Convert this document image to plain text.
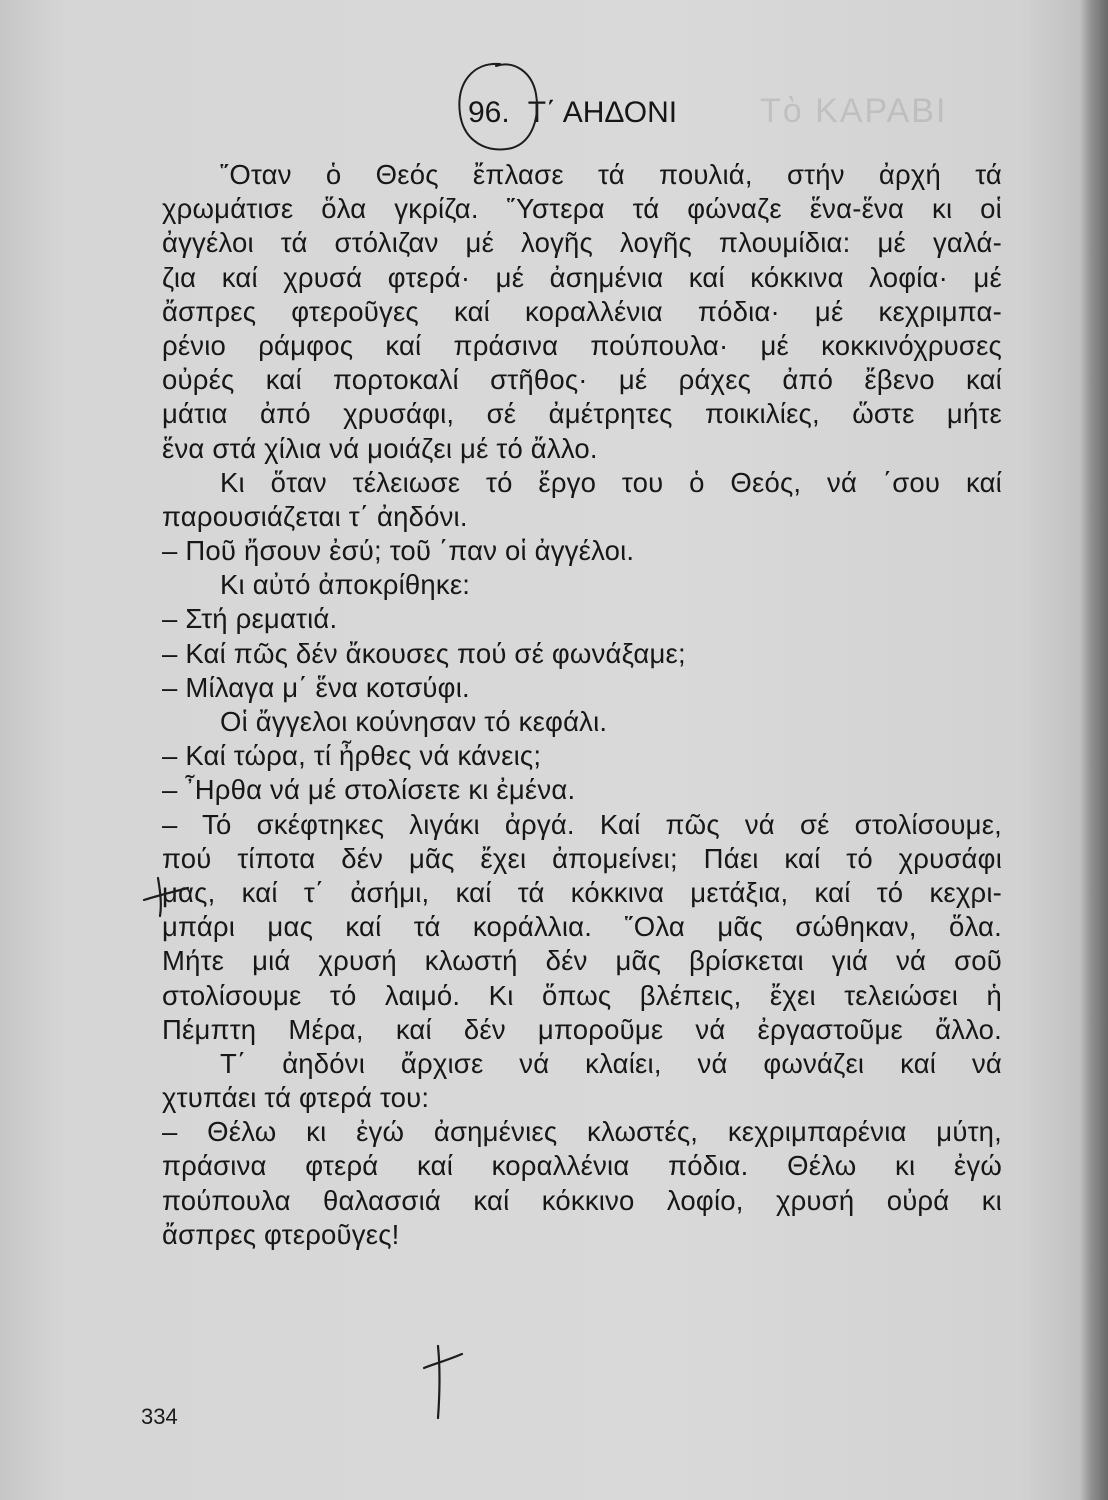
Τὸ ΚΑΡΑΒΙ
96. Τ΄ ΑΗΔΟΝΙ
῞Οταν ὁ Θεός ἔπλασε τά πουλιά, στήν ἀρχή τά
χρωμάτισε ὅλα γκρίζα. ῞Υστερα τά φώναζε ἕνα-ἕνα κι οἱ
ἀγγέλοι τά στόλιζαν μέ λογῆς λογῆς πλουμίδια: μέ γαλά-
ζια καί χρυσά φτερά· μέ ἀσημένια καί κόκκινα λοφία· μέ
ἄσπρες φτεροῦγες καί κοραλλένια πόδια· μέ κεχριμπα-
ρένιο ράμφος καί πράσινα πούπουλα· μέ κοκκινόχρυσες
οὐρές καί πορτοκαλί στῆθος· μέ ράχες ἀπό ἔβενο καί
μάτια ἀπό χρυσάφι, σέ ἀμέτρητες ποικιλίες, ὥστε μήτε
ἕνα στά χίλια νά μοιάζει μέ τό ἄλλο.
Κι ὅταν τέλειωσε τό ἔργο του ὁ Θεός, νά ΄σου καί
παρουσιάζεται τ΄ ἀηδόνι.
– Ποῦ ἤσουν ἐσύ; τοῦ ΄παν οἱ ἀγγέλοι.
Κι αὐτό ἀποκρίθηκε:
– Στή ρεματιά.
– Καί πῶς δέν ἄκουσες πού σέ φωνάξαμε;
– Μίλαγα μ΄ ἕνα κοτσύφι.
Οἱ ἄγγελοι κούνησαν τό κεφάλι.
– Καί τώρα, τί ἦρθες νά κάνεις;
– ῏Ηρθα νά μέ στολίσετε κι ἐμένα.
– Τό σκέφτηκες λιγάκι ἀργά. Καί πῶς νά σέ στολίσουμε,
πού τίποτα δέν μᾶς ἔχει ἀπομείνει; Πάει καί τό χρυσάφι
μας, καί τ΄ ἀσήμι, καί τά κόκκινα μετάξια, καί τό κεχρι-
μπάρι μας καί τά κοράλλια. ῞Ολα μᾶς σώθηκαν, ὅλα.
Μήτε μιά χρυσή κλωστή δέν μᾶς βρίσκεται γιά νά σοῦ
στολίσουμε τό λαιμό. Κι ὅπως βλέπεις, ἔχει τελειώσει ἡ
Πέμπτη Μέρα, καί δέν μποροῦμε νά ἐργαστοῦμε ἄλλο.
Τ΄ ἀηδόνι ἄρχισε νά κλαίει, νά φωνάζει καί νά
χτυπάει τά φτερά του:
– Θέλω κι ἐγώ ἀσημένιες κλωστές, κεχριμπαρένια μύτη,
πράσινα φτερά καί κοραλλένια πόδια. Θέλω κι ἐγώ
πούπουλα θαλασσιά καί κόκκινο λοφίο, χρυσή οὐρά κι
ἄσπρες φτεροῦγες!
334
